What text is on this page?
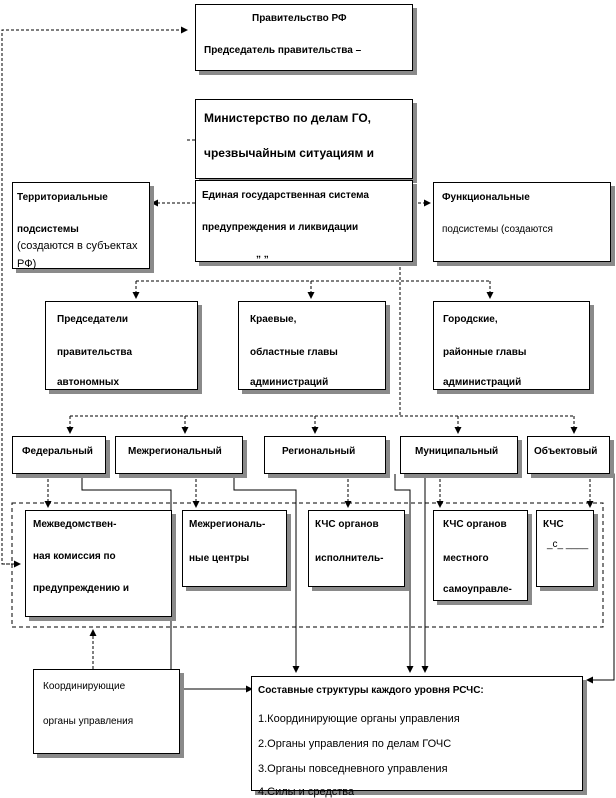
Правительство РФ
Председатель правительства –
Министерство по делам ГО,
чрезвычайным ситуациям и
Единая государственная система
предупреждения и ликвидации
„ „
Территориальные
подсистемы
(создаются в субъектах
РФ)
Функциональные
подсистемы (создаются
Председатели
правительства
автономных
Краевые,
областные главы
администраций
Городские,
районные главы
администраций
Федеральный	Межрегиональный	Региональный	Муниципальный	Объектовый
Межведомствен-
ная комиссия по
предупреждению и
Межрегиональ-
ные центры
КЧС органов
исполнитель-
КЧС органов
местного
самоуправле-
КЧС
_с_ ____
Координирующие
органы управления
Составные структуры каждого уровня РСЧС:
1.Координирующие органы управления
2.Органы управления по делам ГОЧС
3.Органы повседневного управления
4.Силы и средства
